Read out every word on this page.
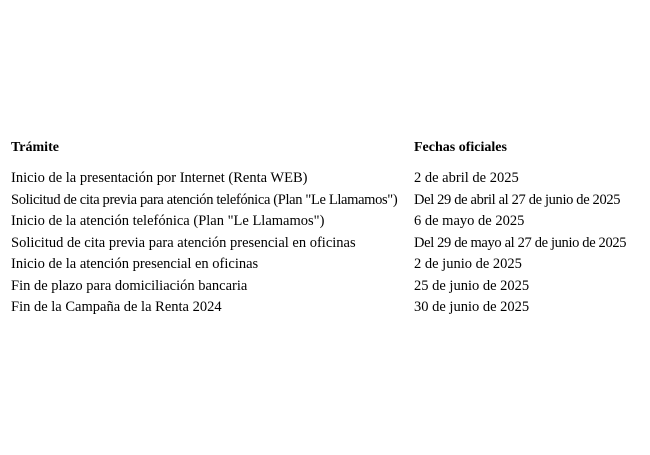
Trámite	Fechas oficiales
Inicio de la presentación por Internet (Renta WEB)	2 de abril de 2025
Solicitud de cita previa para atención telefónica (Plan "Le Llamamos")	Del 29 de abril al 27 de junio de 2025
Inicio de la atención telefónica (Plan "Le Llamamos")	6 de mayo de 2025
Solicitud de cita previa para atención presencial en oficinas	Del 29 de mayo al 27 de junio de 2025
Inicio de la atención presencial en oficinas	2 de junio de 2025
Fin de plazo para domiciliación bancaria	25 de junio de 2025
Fin de la Campaña de la Renta 2024	30 de junio de 2025
